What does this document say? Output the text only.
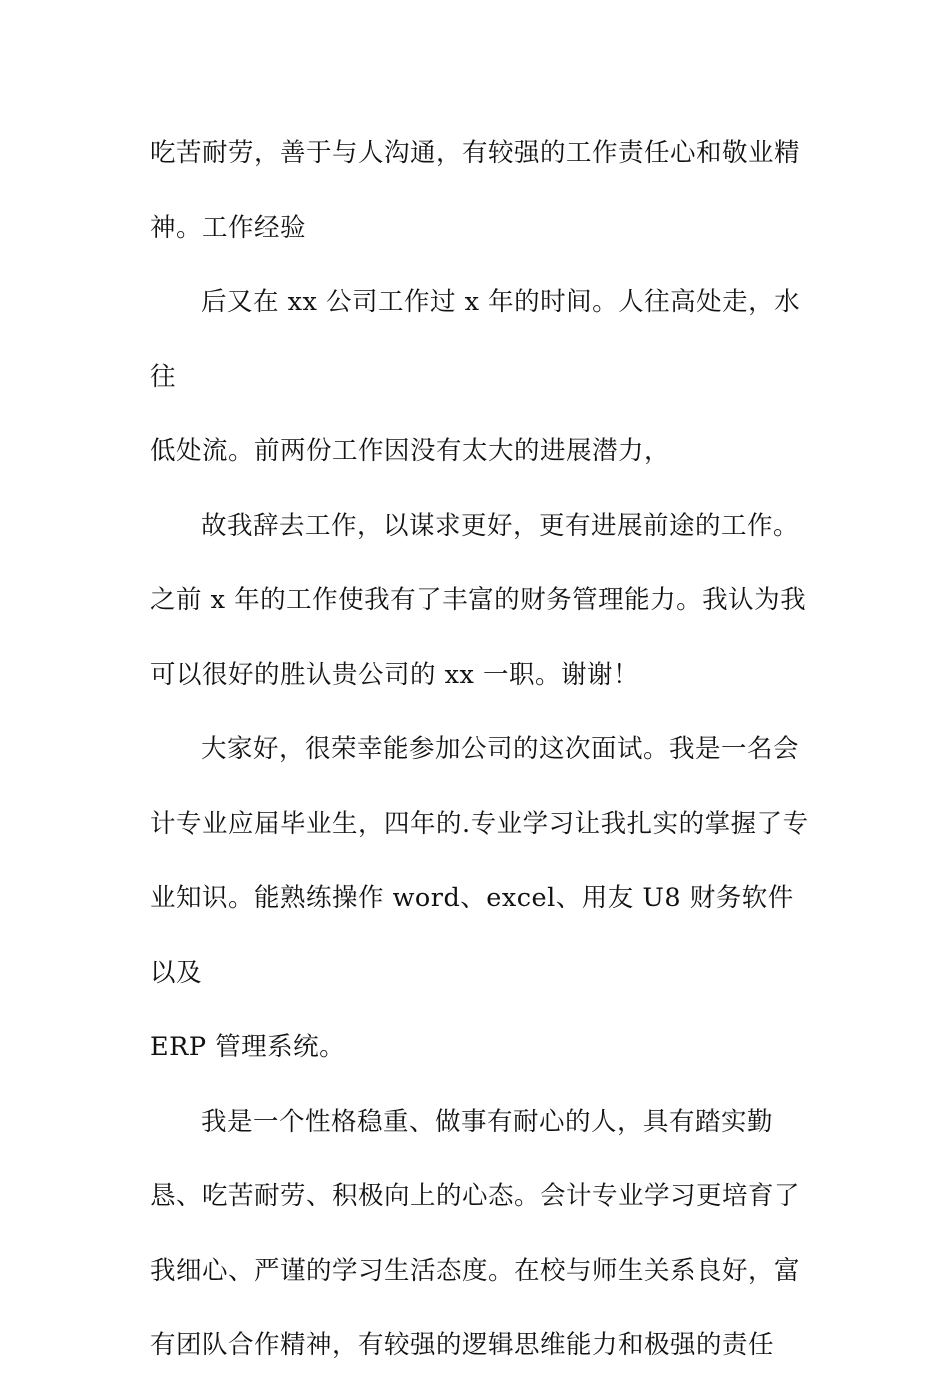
吃苦耐劳，善于与人沟通，有较强的工作责任心和敬业精
神。工作经验

后又在 xx 公司工作过 x 年的时间。人往高处走，水往
低处流。前两份工作因没有太大的进展潜力，

故我辞去工作，以谋求更好，更有进展前途的工作。
之前 x 年的工作使我有了丰富的财务管理能力。我认为我
可以很好的胜认贵公司的 xx 一职。谢谢！

大家好，很荣幸能参加公司的这次面试。我是一名会
计专业应届毕业生，四年的.专业学习让我扎实的掌握了专
业知识。能熟练操作 word、excel、用友 U8 财务软件以及
ERP 管理系统。

我是一个性格稳重、做事有耐心的人，具有踏实勤
恳、吃苦耐劳、积极向上的心态。会计专业学习更培育了
我细心、严谨的学习生活态度。在校与师生关系良好，富
有团队合作精神，有较强的逻辑思维能力和极强的责任
